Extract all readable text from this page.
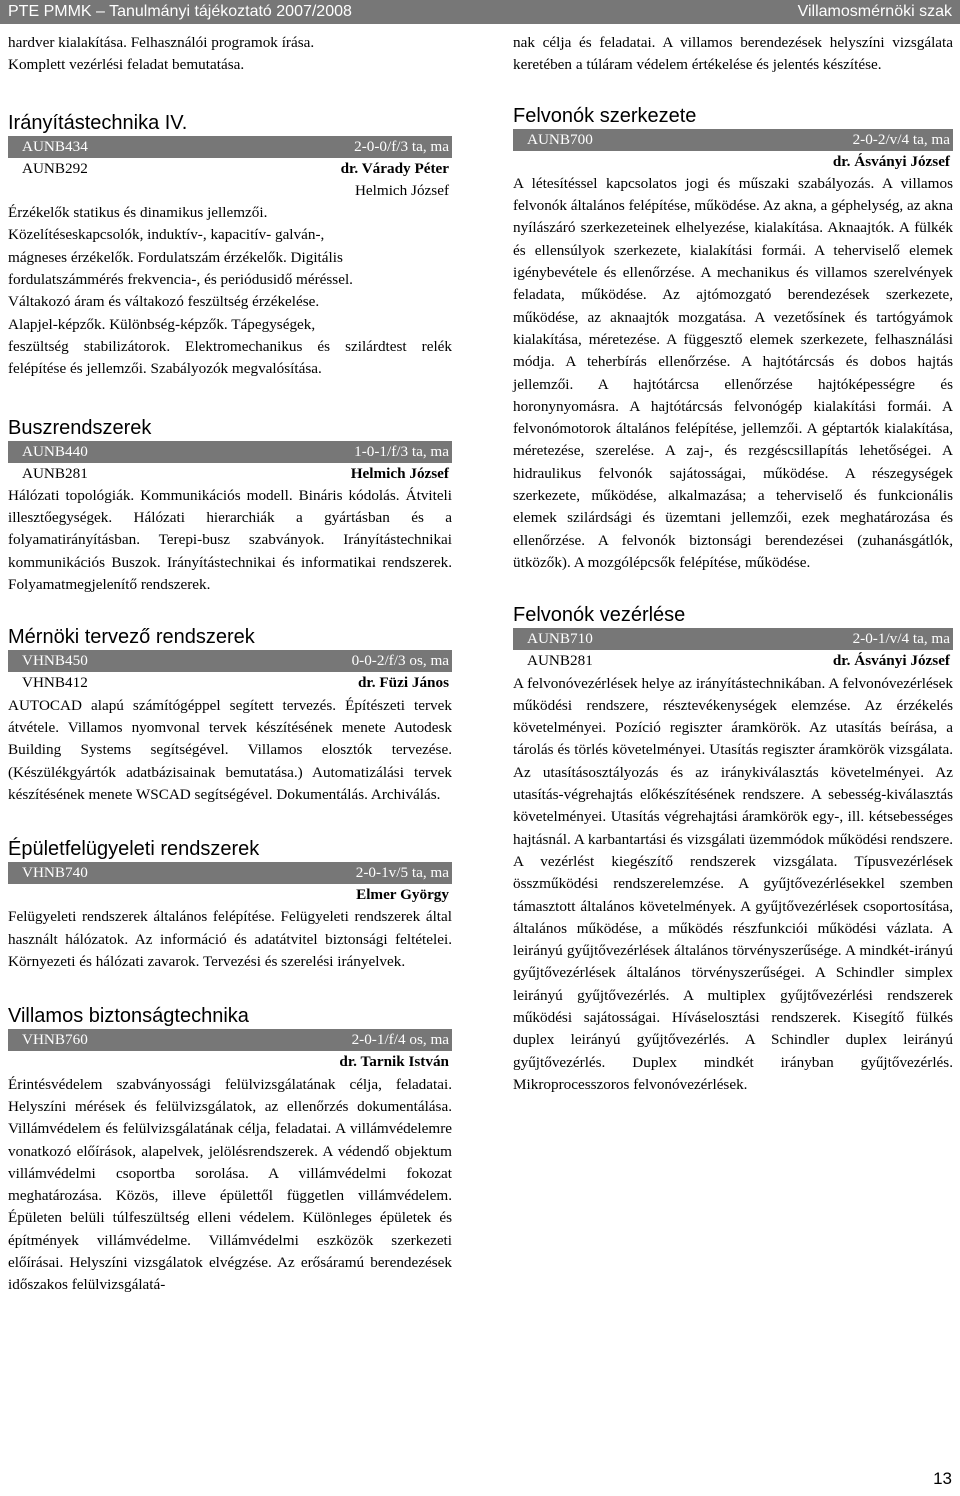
PTE PMMK – Tanulmányi tájékoztató 2007/2008	Villamosmérnöki szak

hardver kialakítása. Felhasználói programok írása.

Komplett vezérlési feladat bemutatása.

Irányítástechnika IV.
AUNB434	2-0-0/f/3 ta, ma
AUNB292	dr. Várady Péter
Helmich József

Érzékelők statikus és dinamikus jellemzői.

Közelítéseskapcsolók, induktív-, kapacitív- galván-,

mágneses érzékelők. Fordulatszám érzékelők. Digitális

fordulatszámmérés frekvencia-, és periódusidő méréssel.

Váltakozó áram és váltakozó feszültség érzékelése.

Alapjel-képzők. Különbség-képzők. Tápegységek,

feszültség stabilizátorok. Elektromechanikus és szilárdtest relék felépítése és jellemzői. Szabályozók megvalósítása.

Buszrendszerek
AUNB440	1-0-1/f/3 ta, ma
AUNB281	Helmich József

Hálózati topológiák. Kommunikációs modell. Bináris kódolás. Átviteli illesztőegységek. Hálózati hierarchiák a gyártásban és a folyamatirányításban. Terepi-busz szabványok. Irányítástechnikai kommunikációs Buszok. Irányítástechnikai és informatikai rendszerek. Folyamatmegjelenítő rendszerek.

Mérnöki tervező rendszerek
VHNB450	0-0-2/f/3 os, ma
VHNB412	dr. Füzi János

AUTOCAD alapú számítógéppel segített tervezés. Építészeti tervek átvétele. Villamos nyomvonal tervek készítésének menete Autodesk Building Systems segítségével. Villamos elosztók tervezése. (Készülékgyártók adatbázisainak bemutatása.) Automatizálási tervek készítésének menete WSCAD segítségével. Dokumentálás. Archiválás.

Épületfelügyeleti rendszerek
VHNB740	2-0-1v/5 ta, ma
Elmer György

Felügyeleti rendszerek általános felépítése. Felügyeleti rendszerek által használt hálózatok. Az információ és adatátvitel biztonsági feltételei. Környezeti és hálózati zavarok. Tervezési és szerelési irányelvek.

Villamos biztonságtechnika
VHNB760	2-0-1/f/4 os, ma
dr. Tarnik István

Érintésvédelem szabványossági felülvizsgálatának célja, feladatai. Helyszíni mérések és felülvizsgálatok, az ellenőrzés dokumentálása. Villámvédelem és felülvizsgálatának célja, feladatai. A villámvédelemre vonatkozó előírások, alapelvek, jelölésrendszerek. A védendő objektum villámvédelmi csoportba sorolása. A villámvédelmi fokozat meghatározása. Közös, illeve épülettől független villámvédelem. Épületen belüli túlfeszültség elleni védelem. Különleges épületek és építmények villámvédelme. Villámvédelmi eszközök szerkezeti előírásai. Helyszíni vizsgálatok elvégzése. Az erősáramú berendezések időszakos felülvizsgálatá-

nak célja és feladatai. A villamos berendezések helyszíni vizsgálata keretében a túláram védelem értékelése és jelentés készítése.

Felvonók szerkezete
AUNB700	2-0-2/v/4 ta, ma
dr. Ásványi József

A létesítéssel kapcsolatos jogi és műszaki szabályozás. A villamos felvonók általános felépítése, működése. Az akna, a géphelység, az akna nyílászáró szerkezeteinek elhelyezése, kialakítása. Aknaajtók. A fülkék és ellensúlyok szerkezete, kialakítási formái. A teherviselő elemek igénybevétele és ellenőrzése. A mechanikus és villamos szerelvények feladata, működése. Az ajtómozgató berendezések szerkezete, működése, az aknaajtók mozgatása. A vezetősínek és tartógyámok kialakítása, méretezése. A függesztő elemek szerkezete, felhasználási módja. A teherbírás ellenőrzése. A hajtótárcsás és dobos hajtás jellemzői. A hajtótárcsa ellenőrzése hajtóképességre és horonynyomásra. A hajtótárcsás felvonógép kialakítási formái. A felvonómotorok általános felépítése, jellemzői. A géptartók kialakítása, méretezése, szerelése. A zaj-, és rezgéscsillapítás lehetőségei. A hidraulikus felvonók sajátosságai, működése. A részegységek szerkezete, működése, alkalmazása; a teherviselő és funkcionális elemek szilárdsági és üzemtani jellemzői, ezek meghatározása és ellenőrzése. A felvonók biztonsági berendezései (zuhanásgátlók, ütközők). A mozgólépcsők felépítése, működése.

Felvonók vezérlése
AUNB710	2-0-1/v/4 ta, ma
AUNB281	dr. Ásványi József

A felvonóvezérlések helye az irányítástechnikában. A felvonóvezérlések működési rendszere, résztevékenységek elemzése. Az érzékelés követelményei. Pozíció regiszter áramkörök. Az utasítás beírása, a tárolás és törlés követelményei. Utasítás regiszter áramkörök vizsgálata. Az utasításosztályozás és az iránykiválasztás követelményei. Az utasítás-végrehajtás előkészítésének rendszere. A sebesség-kiválasztás követelményei. Utasítás végrehajtási áramkörök egy-, ill. kétsebességes hajtásnál. A karbantartási és vizsgálati üzemmódok működési rendszere. A vezérlést kiegészítő rendszerek vizsgálata. Típusvezérlések összműködési rendszerelemzése. A gyűjtővezérlésekkel szemben támasztott általános követelmények. A gyűjtővezérlések csoportosítása, általános működése, a működés részfunkciói működési vázlata. A leirányú gyűjtővezérlések általános törvényszerűsége. A mindkét-irányú gyűjtővezérlések általános törvényszerűségei. A Schindler simplex leirányú gyűjtővezérlés. A multiplex gyűjtővezérlési rendszerek működési sajátosságai. Híváselosztási rendszerek. Kisegítő fülkés duplex leirányú gyűjtővezérlés. A Schindler duplex leirányú gyűjtővezérlés. Duplex mindkét irányban gyűjtővezérlés. Mikroprocesszoros felvonóvezérlések.

13
